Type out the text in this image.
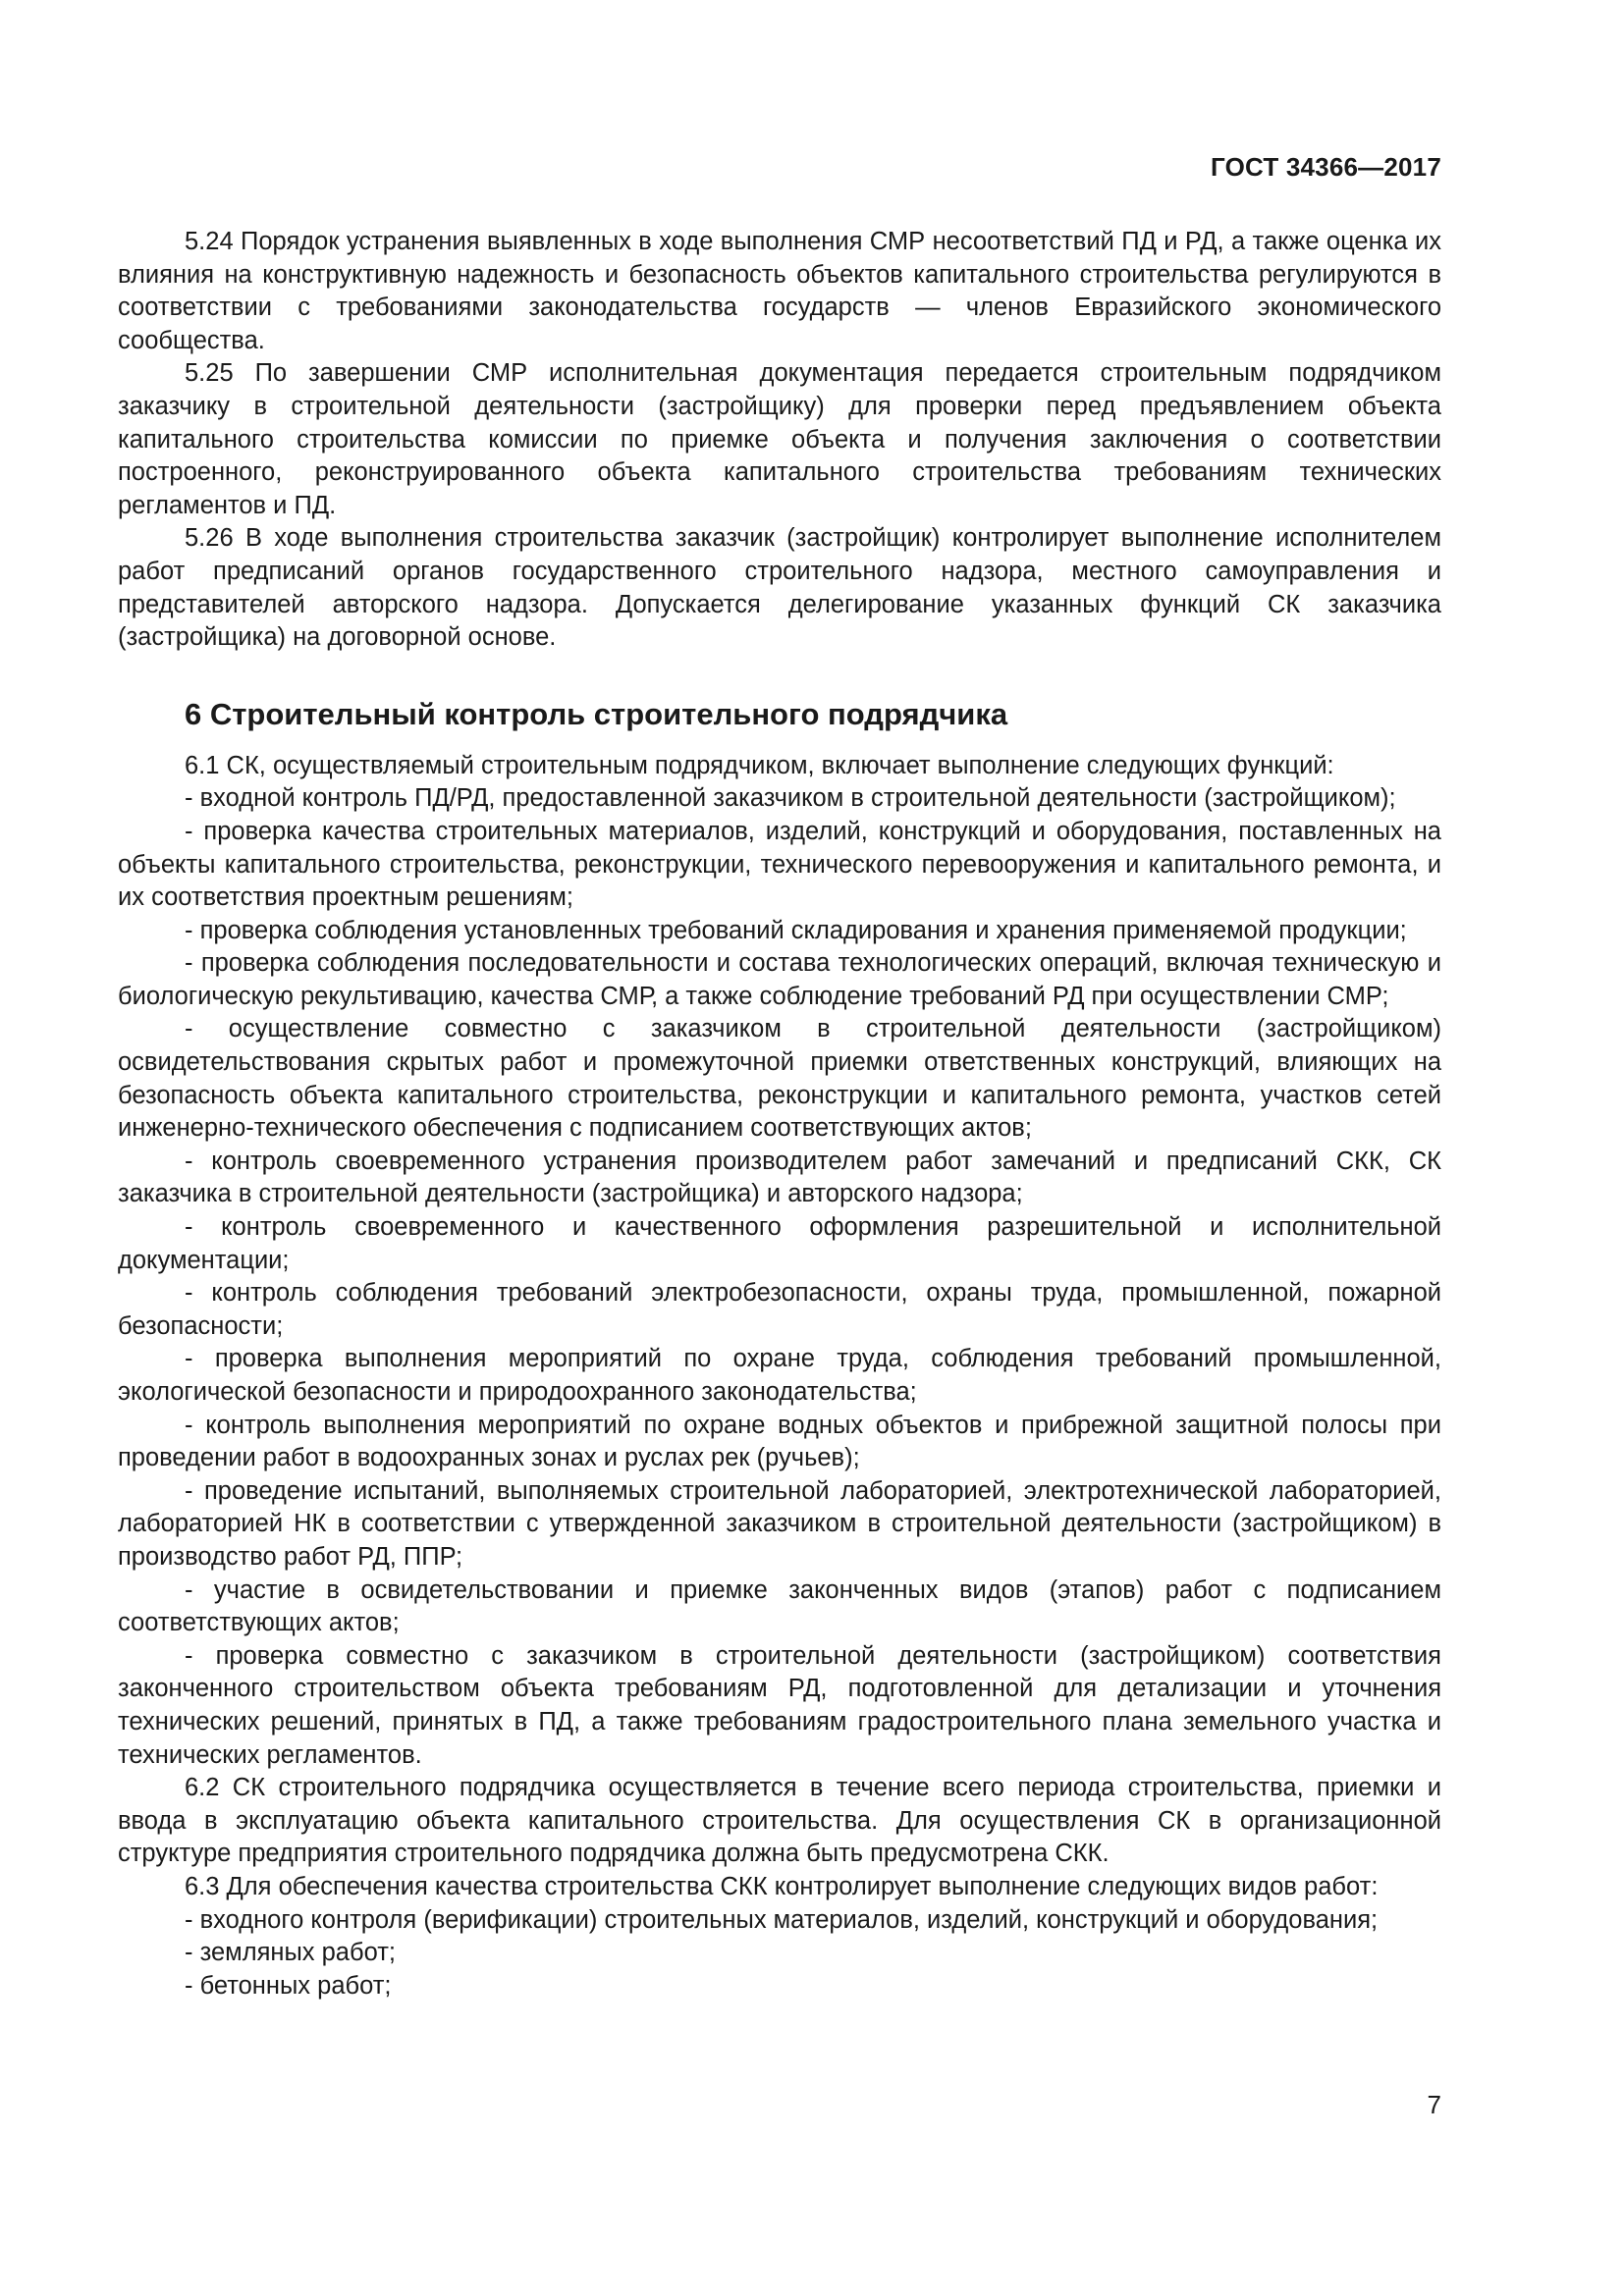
ГОСТ 34366—2017

5.24 Порядок устранения выявленных в ходе выполнения СМР несоответствий ПД и РД, а также оценка их влияния на конструктивную надежность и безопасность объектов капитального строительства регулируются в соответствии с требованиями законодательства государств — членов Евразийского экономического сообщества.

5.25 По завершении СМР исполнительная документация передается строительным подрядчиком заказчику в строительной деятельности (застройщику) для проверки перед предъявлением объекта капитального строительства комиссии по приемке объекта и получения заключения о соответствии построенного, реконструированного объекта капитального строительства требованиям технических регламентов и ПД.

5.26 В ходе выполнения строительства заказчик (застройщик) контролирует выполнение исполнителем работ предписаний органов государственного строительного надзора, местного самоуправления и представителей авторского надзора. Допускается делегирование указанных функций СК заказчика (застройщика) на договорной основе.

6 Строительный контроль строительного подрядчика

6.1 СК, осуществляемый строительным подрядчиком, включает выполнение следующих функций:

- входной контроль ПД/РД, предоставленной заказчиком в строительной деятельности (застройщиком);

- проверка качества строительных материалов, изделий, конструкций и оборудования, поставленных на объекты капитального строительства, реконструкции, технического перевооружения и капитального ремонта, и их соответствия проектным решениям;

- проверка соблюдения установленных требований складирования и хранения применяемой продукции;

- проверка соблюдения последовательности и состава технологических операций, включая техническую и биологическую рекультивацию, качества СМР, а также соблюдение требований РД при осуществлении СМР;

- осуществление совместно с заказчиком в строительной деятельности (застройщиком) освидетельствования скрытых работ и промежуточной приемки ответственных конструкций, влияющих на безопасность объекта капитального строительства, реконструкции и капитального ремонта, участков сетей инженерно-технического обеспечения с подписанием соответствующих актов;

- контроль своевременного устранения производителем работ замечаний и предписаний СКК, СК заказчика в строительной деятельности (застройщика) и авторского надзора;

- контроль своевременного и качественного оформления разрешительной и исполнительной документации;

- контроль соблюдения требований электробезопасности, охраны труда, промышленной, пожарной безопасности;

- проверка выполнения мероприятий по охране труда, соблюдения требований промышленной, экологической безопасности и природоохранного законодательства;

- контроль выполнения мероприятий по охране водных объектов и прибрежной защитной полосы при проведении работ в водоохранных зонах и руслах рек (ручьев);

- проведение испытаний, выполняемых строительной лабораторией, электротехнической лабораторией, лабораторией НК в соответствии с утвержденной заказчиком в строительной деятельности (застройщиком) в производство работ РД, ППР;

- участие в освидетельствовании и приемке законченных видов (этапов) работ с подписанием соответствующих актов;

- проверка совместно с заказчиком в строительной деятельности (застройщиком) соответствия законченного строительством объекта требованиям РД, подготовленной для детализации и уточнения технических решений, принятых в ПД, а также требованиям градостроительного плана земельного участка и технических регламентов.

6.2 СК строительного подрядчика осуществляется в течение всего периода строительства, приемки и ввода в эксплуатацию объекта капитального строительства. Для осуществления СК в организационной структуре предприятия строительного подрядчика должна быть предусмотрена СКК.

6.3 Для обеспечения качества строительства СКК контролирует выполнение следующих видов работ:

- входного контроля (верификации) строительных материалов, изделий, конструкций и оборудования;

- земляных работ;

- бетонных работ;

7
